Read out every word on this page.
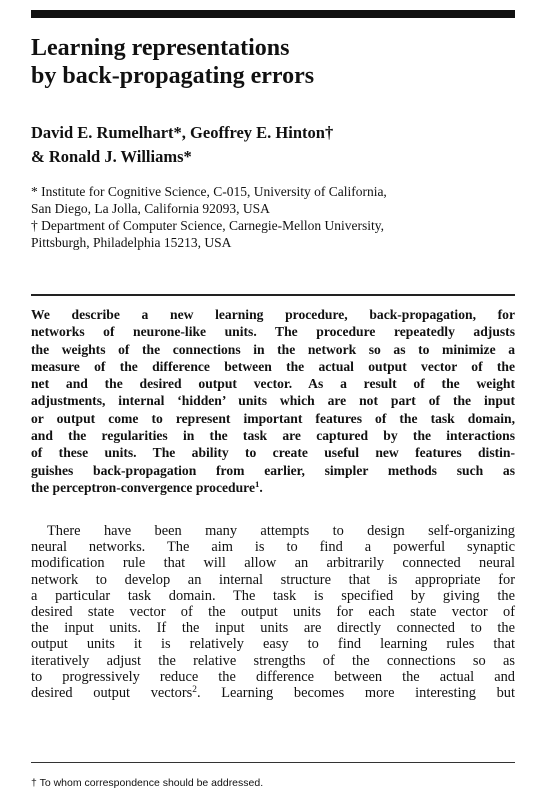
Learning representations
by back-propagating errors
David E. Rumelhart*, Geoffrey E. Hinton†
& Ronald J. Williams*
* Institute for Cognitive Science, C-015, University of California,
San Diego, La Jolla, California 92093, USA
† Department of Computer Science, Carnegie-Mellon University,
Pittsburgh, Philadelphia 15213, USA
We describe a new learning procedure, back-propagation, for
networks of neurone-like units. The procedure repeatedly adjusts
the weights of the connections in the network so as to minimize a
measure of the difference between the actual output vector of the
net and the desired output vector. As a result of the weight
adjustments, internal ‘hidden’ units which are not part of the input
or output come to represent important features of the task domain,
and the regularities in the task are captured by the interactions
of these units. The ability to create useful new features distin-
guishes back-propagation from earlier, simpler methods such as
the perceptron-convergence procedure$^1$.
There have been many attempts to design self-organizing
neural networks. The aim is to find a powerful synaptic
modification rule that will allow an arbitrarily connected neural
network to develop an internal structure that is appropriate for
a particular task domain. The task is specified by giving the
desired state vector of the output units for each state vector of
the input units. If the input units are directly connected to the
output units it is relatively easy to find learning rules that
iteratively adjust the relative strengths of the connections so as
to progressively reduce the difference between the actual and
desired output vectors$^2$. Learning becomes more interesting but
† To whom correspondence should be addressed.
